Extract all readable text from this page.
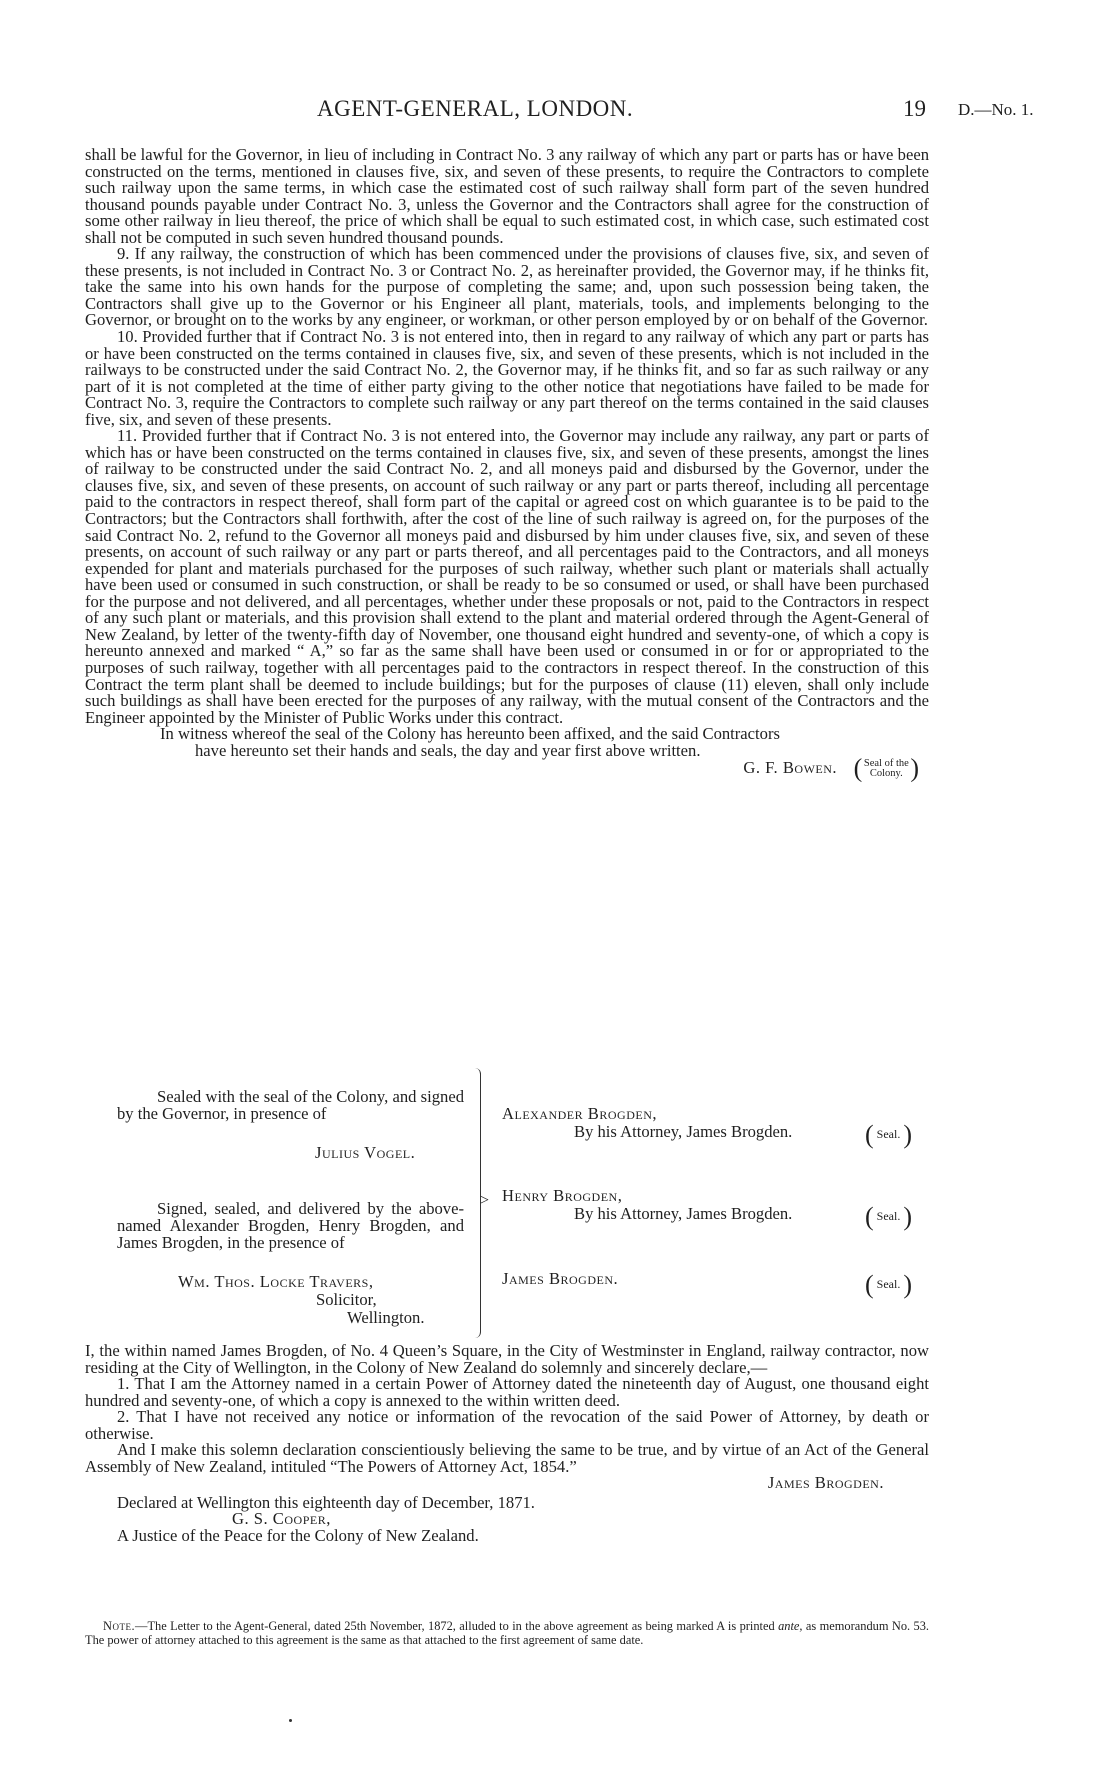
AGENT-GENERAL, LONDON.	19 D.—No. 1.

shall be lawful for the Governor, in lieu of including in Contract No. 3 any railway of which any part or parts has or have been constructed on the terms, mentioned in clauses five, six, and seven of these presents, to require the Contractors to complete such railway upon the same terms, in which case the estimated cost of such railway shall form part of the seven hundred thousand pounds payable under Contract No. 3, unless the Governor and the Contractors shall agree for the construction of some other railway in lieu thereof, the price of which shall be equal to such estimated cost, in which case, such estimated cost shall not be computed in such seven hundred thousand pounds.

9. If any railway, the construction of which has been commenced under the provisions of clauses five, six, and seven of these presents, is not included in Contract No. 3 or Contract No. 2, as hereinafter provided, the Governor may, if he thinks fit, take the same into his own hands for the purpose of completing the same; and, upon such possession being taken, the Contractors shall give up to the Governor or his Engineer all plant, materials, tools, and implements belonging to the Governor, or brought on to the works by any engineer, or workman, or other person employed by or on behalf of the Governor.

10. Provided further that if Contract No. 3 is not entered into, then in regard to any railway of which any part or parts has or have been constructed on the terms contained in clauses five, six, and seven of these presents, which is not included in the railways to be constructed under the said Contract No. 2, the Governor may, if he thinks fit, and so far as such railway or any part of it is not completed at the time of either party giving to the other notice that negotiations have failed to be made for Contract No. 3, require the Contractors to complete such railway or any part thereof on the terms contained in the said clauses five, six, and seven of these presents.

11. Provided further that if Contract No. 3 is not entered into, the Governor may include any railway, any part or parts of which has or have been constructed on the terms contained in clauses five, six, and seven of these presents, amongst the lines of railway to be constructed under the said Contract No. 2, and all moneys paid and disbursed by the Governor, under the clauses five, six, and seven of these presents, on account of such railway or any part or parts thereof, including all percentage paid to the contractors in respect thereof, shall form part of the capital or agreed cost on which guarantee is to be paid to the Contractors; but the Contractors shall forthwith, after the cost of the line of such railway is agreed on, for the purposes of the said Contract No. 2, refund to the Governor all moneys paid and disbursed by him under clauses five, six, and seven of these presents, on account of such railway or any part or parts thereof, and all percentages paid to the Contractors, and all moneys expended for plant and materials purchased for the purposes of such railway, whether such plant or materials shall actually have been used or consumed in such construction, or shall be ready to be so consumed or used, or shall have been purchased for the purpose and not delivered, and all percentages, whether under these proposals or not, paid to the Contractors in respect of any such plant or materials, and this provision shall extend to the plant and material ordered through the Agent-General of New Zealand, by letter of the twenty-fifth day of November, one thousand eight hundred and seventy-one, of which a copy is hereunto annexed and marked “ A,” so far as the same shall have been used or consumed in or for or appropriated to the purposes of such railway, together with all percentages paid to the contractors in respect thereof. In the construction of this Contract the term plant shall be deemed to include buildings; but for the purposes of clause (11) eleven, shall only include such buildings as shall have been erected for the purposes of any railway, with the mutual consent of the Contractors and the Engineer appointed by the Minister of Public Works under this contract.

In witness whereof the seal of the Colony has hereunto been affixed, and the said Contractors

have hereunto set their hands and seals, the day and year first above written.

G. F. Bowen. ( Seal of the Colony. )

Sealed with the seal of the Colony, and signed by the Governor, in presence of
Julius Vogel.
Signed, sealed, and delivered by the above-named Alexander Brogden, Henry Brogden, and James Brogden, in the presence of
Wm. Thos. Locke Travers,
Solicitor,
Wellington.
>
Alexander Brogden,
By his Attorney, James Brogden.	( Seal. )
Henry Brogden,
By his Attorney, James Brogden.	( Seal. )
James Brogden.	( Seal. )

I, the within named James Brogden, of No. 4 Queen’s Square, in the City of Westminster in England, railway contractor, now residing at the City of Wellington, in the Colony of New Zealand do solemnly and sincerely declare,—

1. That I am the Attorney named in a certain Power of Attorney dated the nineteenth day of August, one thousand eight hundred and seventy-one, of which a copy is annexed to the within written deed.

2. That I have not received any notice or information of the revocation of the said Power of Attorney, by death or otherwise.

And I make this solemn declaration conscientiously believing the same to be true, and by virtue of an Act of the General Assembly of New Zealand, intituled “The Powers of Attorney Act, 1854.”

James Brogden.

Declared at Wellington this eighteenth day of December, 1871.

G. S. Cooper,

A Justice of the Peace for the Colony of New Zealand.

Note.—The Letter to the Agent-General, dated 25th November, 1872, alluded to in the above agreement as being marked A is printed ante, as memorandum No. 53. The power of attorney attached to this agreement is the same as that attached to the first agreement of same date.
